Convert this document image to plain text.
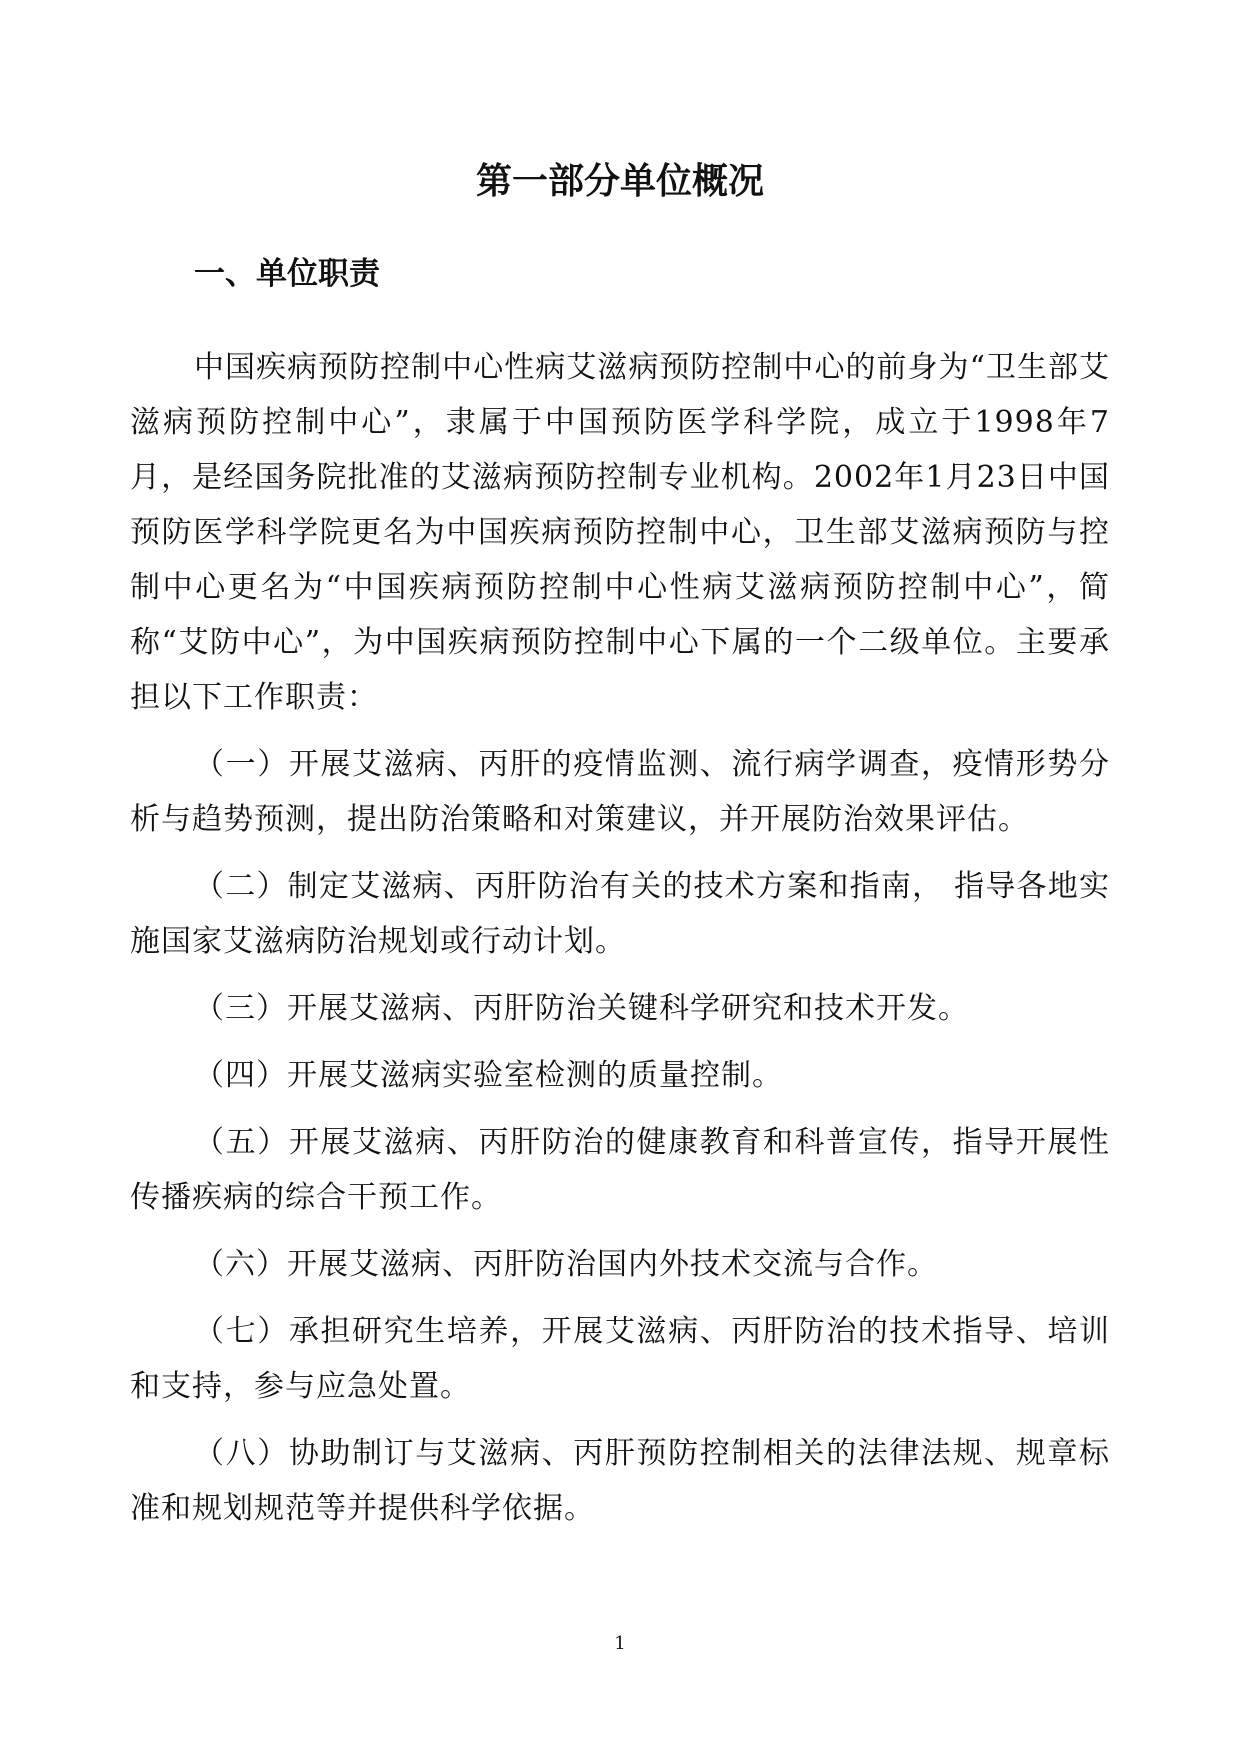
第一部分单位概况
一、单位职责

中国疾病预防控制中心性病艾滋病预防控制中心的前身为“卫生部艾滋病预防控制中心”，隶属于中国预防医学科学院，成立于1998年7月，是经国务院批准的艾滋病预防控制专业机构。2002年1月23日中国预防医学科学院更名为中国疾病预防控制中心，卫生部艾滋病预防与控制中心更名为“中国疾病预防控制中心性病艾滋病预防控制中心”，简称“艾防中心”，为中国疾病预防控制中心下属的一个二级单位。主要承担以下工作职责：

（一）开展艾滋病、丙肝的疫情监测、流行病学调查，疫情形势分析与趋势预测，提出防治策略和对策建议，并开展防治效果评估。

（二）制定艾滋病、丙肝防治有关的技术方案和指南， 指导各地实施国家艾滋病防治规划或行动计划。

（三）开展艾滋病、丙肝防治关键科学研究和技术开发。

（四）开展艾滋病实验室检测的质量控制。

（五）开展艾滋病、丙肝防治的健康教育和科普宣传，指导开展性传播疾病的综合干预工作。

（六）开展艾滋病、丙肝防治国内外技术交流与合作。

（七）承担研究生培养，开展艾滋病、丙肝防治的技术指导、培训和支持，参与应急处置。

（八）协助制订与艾滋病、丙肝预防控制相关的法律法规、规章标准和规划规范等并提供科学依据。

1
